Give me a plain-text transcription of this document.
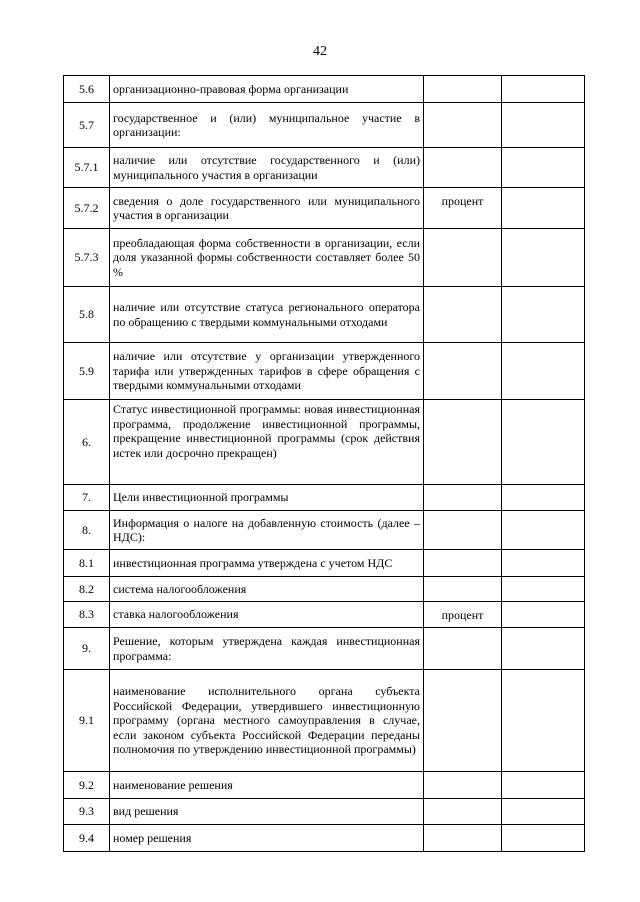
42
5.6	организационно-правовая форма организации		
5.7	государственное и (или) муниципальное участие в организации:		
5.7.1	наличие или отсутствие государственного и (или) муниципального участия в организации		
5.7.2	сведения о доле государственного или муниципального участия в организации	процент	
5.7.3	преобладающая форма собственности в организации, если доля указанной формы собственности составляет более 50 %		
5.8	наличие или отсутствие статуса регионального оператора по обращению с твердыми коммунальными отходами		
5.9	наличие или отсутствие у организации утвержденного тарифа или утвержденных тарифов в сфере обращения с твердыми коммунальными отходами		
6.	Статус инвестиционной программы: новая инвестиционная программа, продолжение инвестиционной программы, прекращение инвестиционной программы (срок действия истек или досрочно прекращен)		
7.	Цели инвестиционной программы		
8.	Информация о налоге на добавленную стоимость (далее – НДС):		
8.1	инвестиционная программа утверждена с учетом НДС		
8.2	система налогообложения		
8.3	ставка налогообложения	процент	
9.	Решение, которым утверждена каждая инвестиционная программа:		
9.1	наименование исполнительного органа субъекта Российской Федерации, утвердившего инвестиционную программу (органа местного самоуправления в случае, если законом субъекта Российской Федерации переданы полномочия по утверждению инвестиционной программы)		
9.2	наименование решения		
9.3	вид решения		
9.4	номер решения		
